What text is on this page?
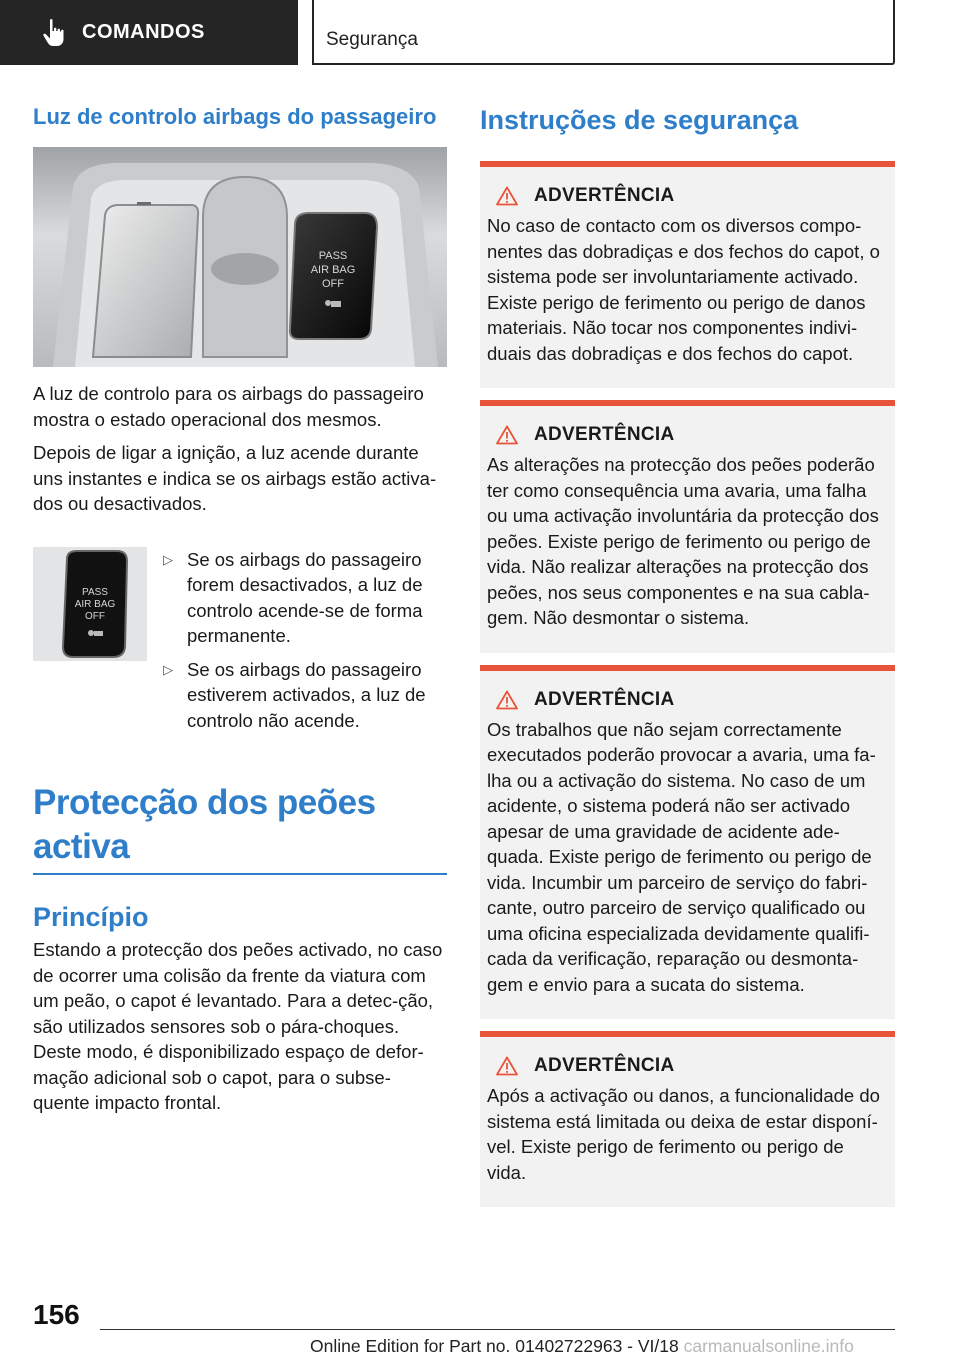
COMANDOS	Segurança
Luz de controlo airbags do passageiro
PASS
AIR BAG
OFF

A luz de controlo para os airbags do passageiro mostra o estado operacional dos mesmos.

Depois de ligar a ignição, a luz acende durante uns instantes e indica se os airbags estão activa‐dos ou desactivados.

PASS
AIR BAG
OFF
▷ Se os airbags do passageiro forem desactivados, a luz de controlo acende-se de forma permanente.
▷ Se os airbags do passageiro estiverem activados, a luz de controlo não acende.
Protecção dos peões activa
Princípio

Estando a protecção dos peões activado, no caso de ocorrer uma colisão da frente da viatura com um peão, o capot é levantado. Para a detec‐ção, são utilizados sensores sob o pára-choques. Deste modo, é disponibilizado espaço de defor‐mação adicional sob o capot, para o subse‐quente impacto frontal.

Instruções de segurança
ADVERTÊNCIA

No caso de contacto com os diversos compo‐nentes das dobradiças e dos fechos do capot, o sistema pode ser involuntariamente activado. Existe perigo de ferimento ou perigo de danos materiais. Não tocar nos componentes indivi‐duais das dobradiças e dos fechos do capot.

ADVERTÊNCIA

As alterações na protecção dos peões poderão ter como consequência uma avaria, uma falha ou uma activação involuntária da protecção dos peões. Existe perigo de ferimento ou perigo de vida. Não realizar alterações na protecção dos peões, nos seus componentes e na sua cabla‐gem. Não desmontar o sistema.

ADVERTÊNCIA

Os trabalhos que não sejam correctamente executados poderão provocar a avaria, uma fa‐lha ou a activação do sistema. No caso de um acidente, o sistema poderá não ser activado apesar de uma gravidade de acidente ade‐quada. Existe perigo de ferimento ou perigo de vida. Incumbir um parceiro de serviço do fabri‐cante, outro parceiro de serviço qualificado ou uma oficina especializada devidamente qualifi‐cada da verificação, reparação ou desmonta‐gem e envio para a sucata do sistema.

ADVERTÊNCIA

Após a activação ou danos, a funcionalidade do sistema está limitada ou deixa de estar disponí‐vel. Existe perigo de ferimento ou perigo de vida.

156
Online Edition for Part no. 01402722963 - VI/18 carmanualsonline.info
